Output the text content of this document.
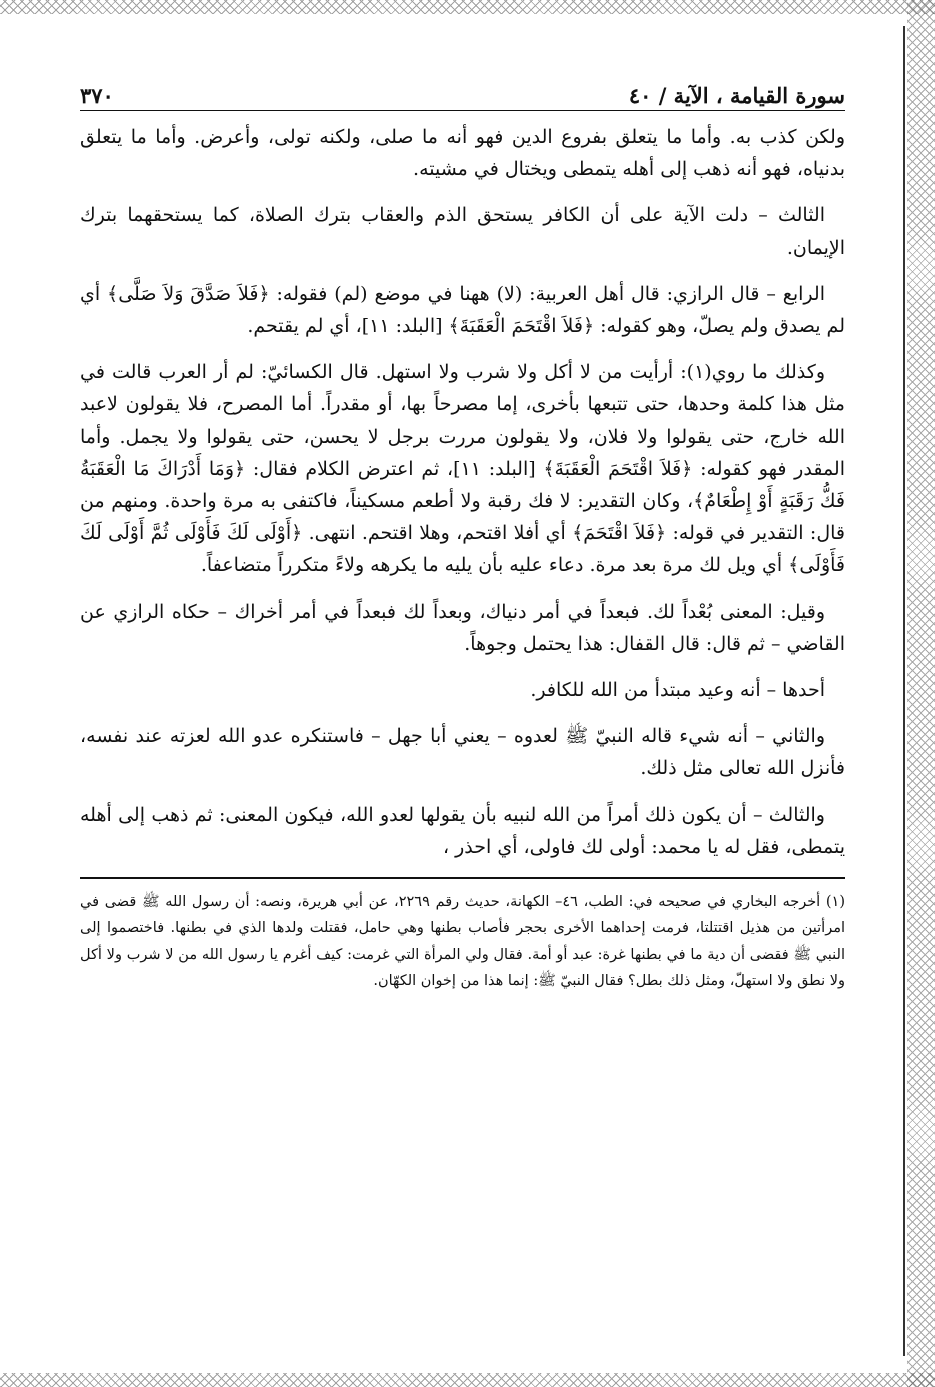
سورة القيامة ، الآية / ٤٠
٣٧٠

ولكن كذب به. وأما ما يتعلق بفروع الدين فهو أنه ما صلى، ولكنه تولى، وأعرض. وأما ما يتعلق بدنياه، فهو أنه ذهب إلى أهله يتمطى ويختال في مشيته.

الثالث – دلت الآية على أن الكافر يستحق الذم والعقاب بترك الصلاة، كما يستحقهما بترك الإيمان.

الرابع – قال الرازي: قال أهل العربية: (لا) ههنا في موضع (لم) فقوله: ﴿فَلاَ صَدَّقَ وَلاَ صَلَّى﴾ أي لم يصدق ولم يصلّ، وهو كقوله: ﴿فَلاَ اقْتَحَمَ الْعَقَبَةَ﴾ [البلد: ١١]، أي لم يقتحم.

وكذلك ما روي(١): أرأيت من لا أكل ولا شرب ولا استهل. قال الكسائيّ: لم أر العرب قالت في مثل هذا كلمة وحدها، حتى تتبعها بأخرى، إما مصرحاً بها، أو مقدراً. أما المصرح، فلا يقولون لاعبد الله خارج، حتى يقولوا ولا فلان، ولا يقولون مررت برجل لا يحسن، حتى يقولوا ولا يجمل. وأما المقدر فهو كقوله: ﴿فَلاَ اقْتَحَمَ الْعَقَبَةَ﴾ [البلد: ١١]، ثم اعترض الكلام فقال: ﴿وَمَا أَدْرَاكَ مَا الْعَقَبَةُ فَكُّ رَقَبَةٍ أَوْ إِطْعَامٌ﴾، وكان التقدير: لا فك رقبة ولا أطعم مسكيناً، فاكتفى به مرة واحدة. ومنهم من قال: التقدير في قوله: ﴿فَلاَ اقْتَحَمَ﴾ أي أفلا اقتحم، وهلا اقتحم. انتهى. ﴿أَوْلَى لَكَ فَأَوْلَى ثُمَّ أَوْلَى لَكَ فَأَوْلَى﴾ أي ويل لك مرة بعد مرة. دعاء عليه بأن يليه ما يكرهه ولاءً متكرراً متضاعفاً.

وقيل: المعنى بُعْداً لك. فبعداً في أمر دنياك، وبعداً لك فبعداً في أمر أخراك – حكاه الرازي عن القاضي – ثم قال: قال القفال: هذا يحتمل وجوهاً.

أحدها – أنه وعيد مبتدأ من الله للكافر.

والثاني – أنه شيء قاله النبيّ ﷺ لعدوه – يعني أبا جهل – فاستنكره عدو الله لعزته عند نفسه، فأنزل الله تعالى مثل ذلك.

والثالث – أن يكون ذلك أمراً من الله لنبيه بأن يقولها لعدو الله، فيكون المعنى: ثم ذهب إلى أهله يتمطى، فقل له يا محمد: أولى لك فاولى، أي احذر ،

(١) أخرجه البخاري في صحيحه في: الطب، ٤٦– الكهانة، حديث رقم ٢٢٦٩، عن أبي هريرة، ونصه: أن رسول الله ﷺ قضى في امرأتين من هذيل اقتتلتا، فرمت إحداهما الأخرى بحجر فأصاب بطنها وهي حامل، فقتلت ولدها الذي في بطنها. فاختصموا إلى النبي ﷺ فقضى أن دية ما في بطنها غرة: عبد أو أمة. فقال ولي المرأة التي غرمت: كيف أغرم يا رسول الله من لا شرب ولا أكل ولا نطق ولا استهلّ، ومثل ذلك بطل؟ فقال النبيّ ﷺ: إنما هذا من إخوان الكهّان.
